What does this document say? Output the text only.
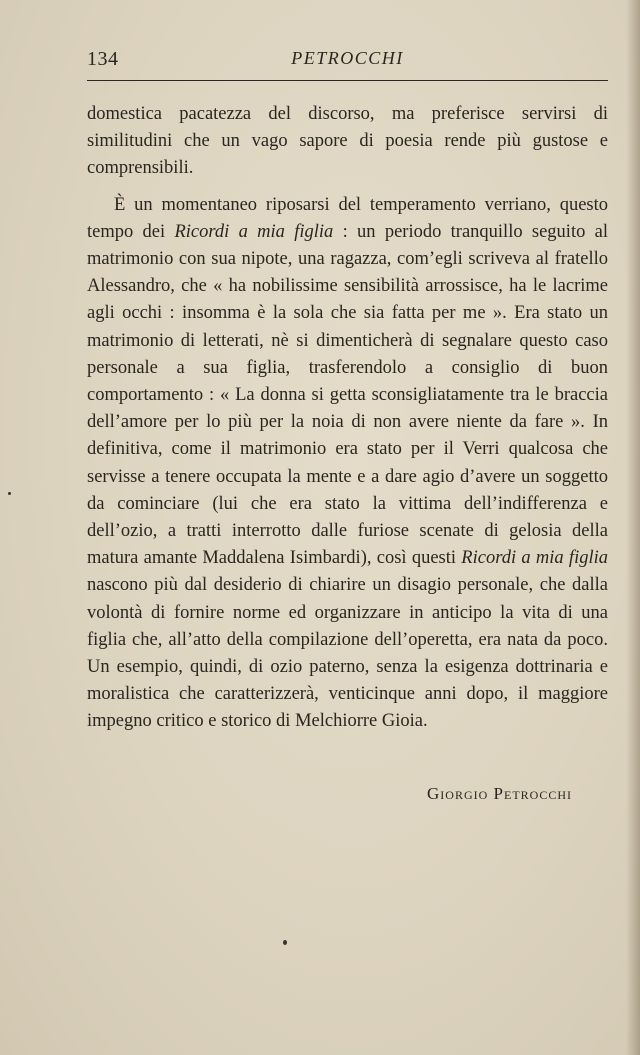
134	PETROCCHI

domestica pacatezza del discorso, ma preferisce servirsi di similitudini che un vago sapore di poesia rende più gustose e comprensibili.

È un momentaneo riposarsi del temperamento verriano, questo tempo dei Ricordi a mia figlia : un periodo tranquillo seguito al matrimonio con sua nipote, una ragazza, com’egli scriveva al fratello Alessandro, che « ha nobilissime sensibilità arrossisce, ha le lacrime agli occhi : insomma è la sola che sia fatta per me ». Era stato un matrimonio di letterati, nè si dimenticherà di segnalare questo caso personale a sua figlia, trasferendolo a consiglio di buon comportamento : « La donna si getta sconsigliatamente tra le braccia dell’amore per lo più per la noia di non avere niente da fare ». In definitiva, come il matrimonio era stato per il Verri qualcosa che servisse a tenere occupata la mente e a dare agio d’avere un soggetto da cominciare (lui che era stato la vittima dell’indifferenza e dell’ozio, a tratti interrotto dalle furiose scenate di gelosia della matura amante Maddalena Isimbardi), così questi Ricordi a mia figlia nascono più dal desiderio di chiarire un disagio personale, che dalla volontà di fornire norme ed organizzare in anticipo la vita di una figlia che, all’atto della compilazione dell’operetta, era nata da poco. Un esempio, quindi, di ozio paterno, senza la esigenza dottrinaria e moralistica che caratterizzerà, venticinque anni dopo, il maggiore impegno critico e storico di Melchiorre Gioia.

Giorgio Petrocchi
